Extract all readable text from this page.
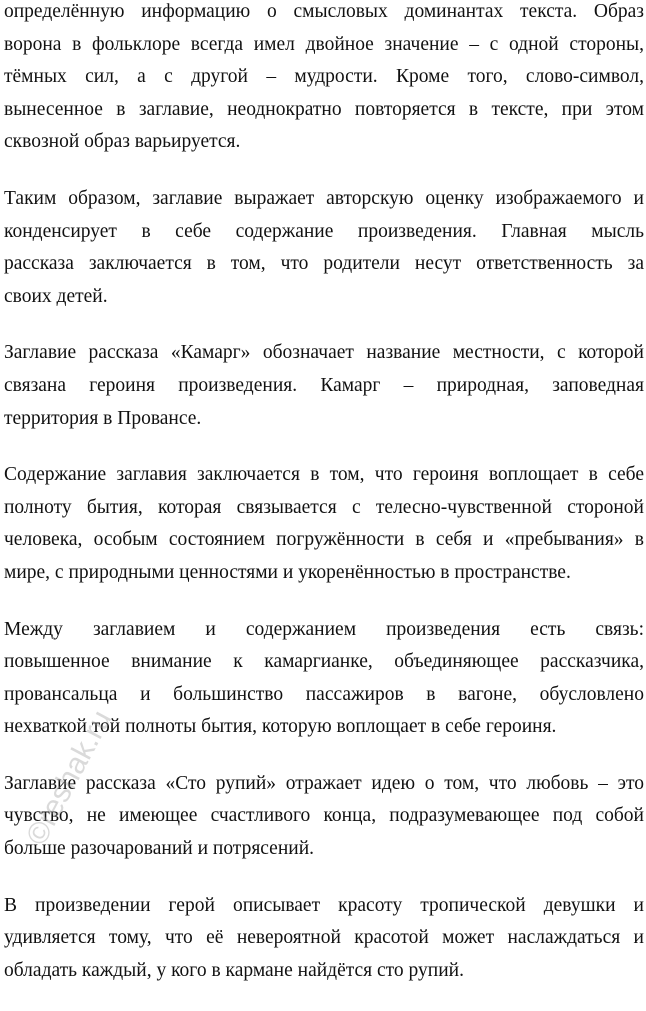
определённую информацию о смысловых доминантах текста. Образ
ворона в фольклоре всегда имел двойное значение – с одной стороны,
тёмных сил, а с другой – мудрости. Кроме того, слово-символ,
вынесенное в заглавие, неоднократно повторяется в тексте, при этом
сквозной образ варьируется.
Таким образом, заглавие выражает авторскую оценку изображаемого и
конденсирует в себе содержание произведения. Главная мысль
рассказа заключается в том, что родители несут ответственность за
своих детей.
Заглавие рассказа «Камарг» обозначает название местности, с которой
связана героиня произведения. Камарг – природная, заповедная
территория в Провансе.
Содержание заглавия заключается в том, что героиня воплощает в себе
полноту бытия, которая связывается с телесно-чувственной стороной
человека, особым состоянием погружённости в себя и «пребывания» в
мире, с природными ценностями и укоренённостью в пространстве.
Между заглавием и содержанием произведения есть связь:
повышенное внимание к камаргианке, объединяющее рассказчика,
провансальца и большинство пассажиров в вагоне, обусловлено
нехваткой той полноты бытия, которую воплощает в себе героиня.
Заглавие рассказа «Сто рупий» отражает идею о том, что любовь – это
чувство, не имеющее счастливого конца, подразумевающее под собой
больше разочарований и потрясений.
В произведении герой описывает красоту тропической девушки и
удивляется тому, что её невероятной красотой может наслаждаться и
обладать каждый, у кого в кармане найдётся сто рупий.
©reshak.ru
